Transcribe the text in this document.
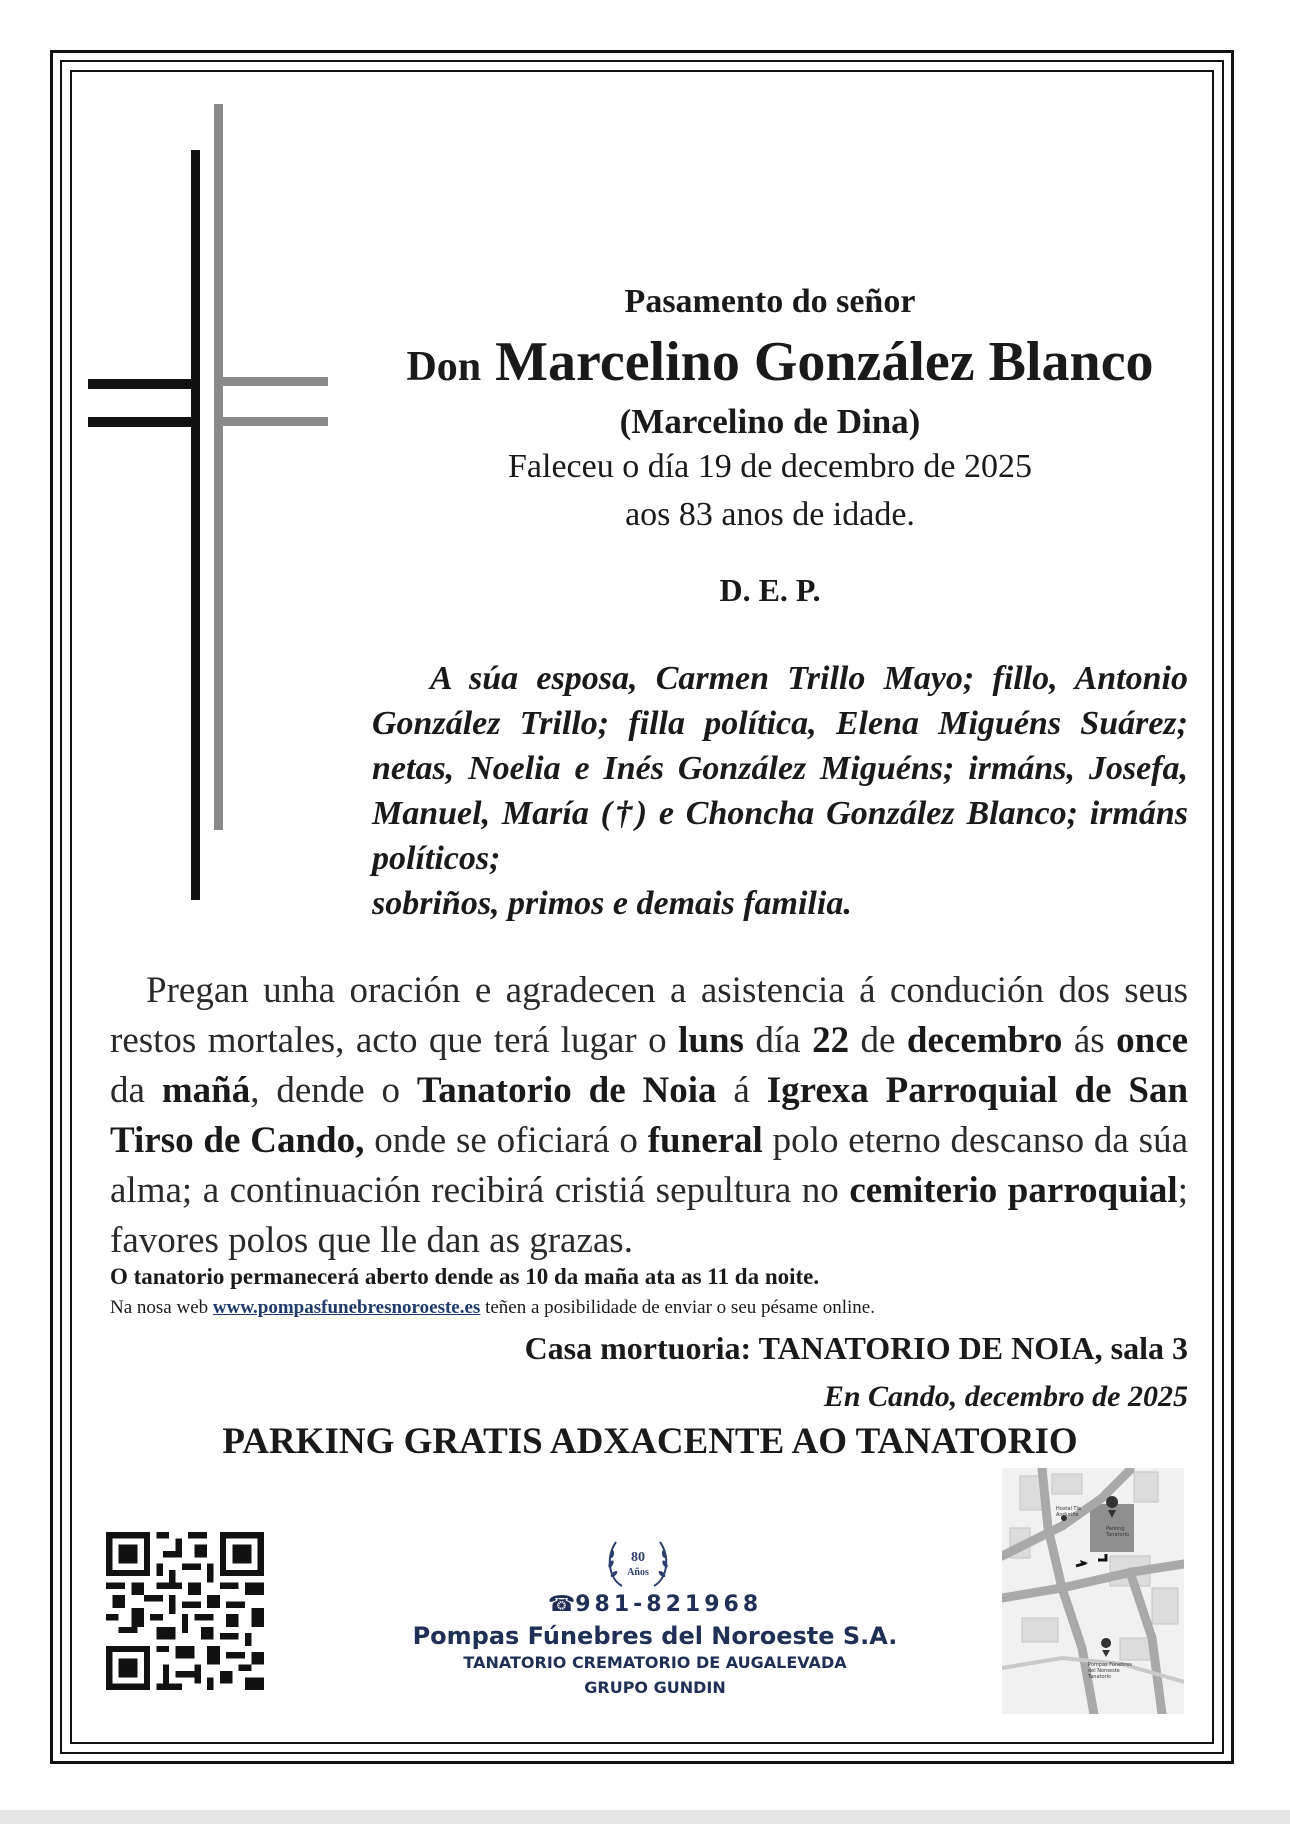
Pasamento do señor
Don Marcelino González Blanco
(Marcelino de Dina)
Faleceu o día 19 de decembro de 2025
aos 83 anos de idade.
D. E. P.
A súa esposa, Carmen Trillo Mayo; fillo, Antonio González Trillo; filla política, Elena Miguéns Suárez; netas, Noelia e Inés González Miguéns; irmáns, Josefa, Manuel, María (†) e Choncha González Blanco; irmáns políticos;
sobriños, primos e demais familia.
Pregan unha oración e agradecen a asistencia á condución dos seus restos mortales, acto que terá lugar o luns día 22 de decembro ás once da mañá, dende o Tanatorio de Noia á Igrexa Parroquial de San Tirso de Cando, onde se oficiará o funeral polo eterno descanso da súa alma; a continuación recibirá cristiá sepultura no cemiterio parroquial; favores polos que lle dan as grazas.
O tanatorio permanecerá aberto dende as 10 da maña ata as 11 da noite.
Na nosa web www.pompasfunebresnoroeste.es teñen a posibilidade de enviar o seu pésame online.
Casa mortuoria: TANATORIO DE NOIA, sala 3
En Cando, decembro de 2025
PARKING GRATIS ADXACENTE AO TANATORIO
80
Años
☎981-821968
Pompas Fúnebres del Noroeste S.A.
TANATORIO CREMATORIO DE AUGALEVADA
GRUPO GUNDIN
Hostal Tía
Anduriña
Parking
Tanatorio
Pompas Fúnebres
del Noroeste
Tanatorio
